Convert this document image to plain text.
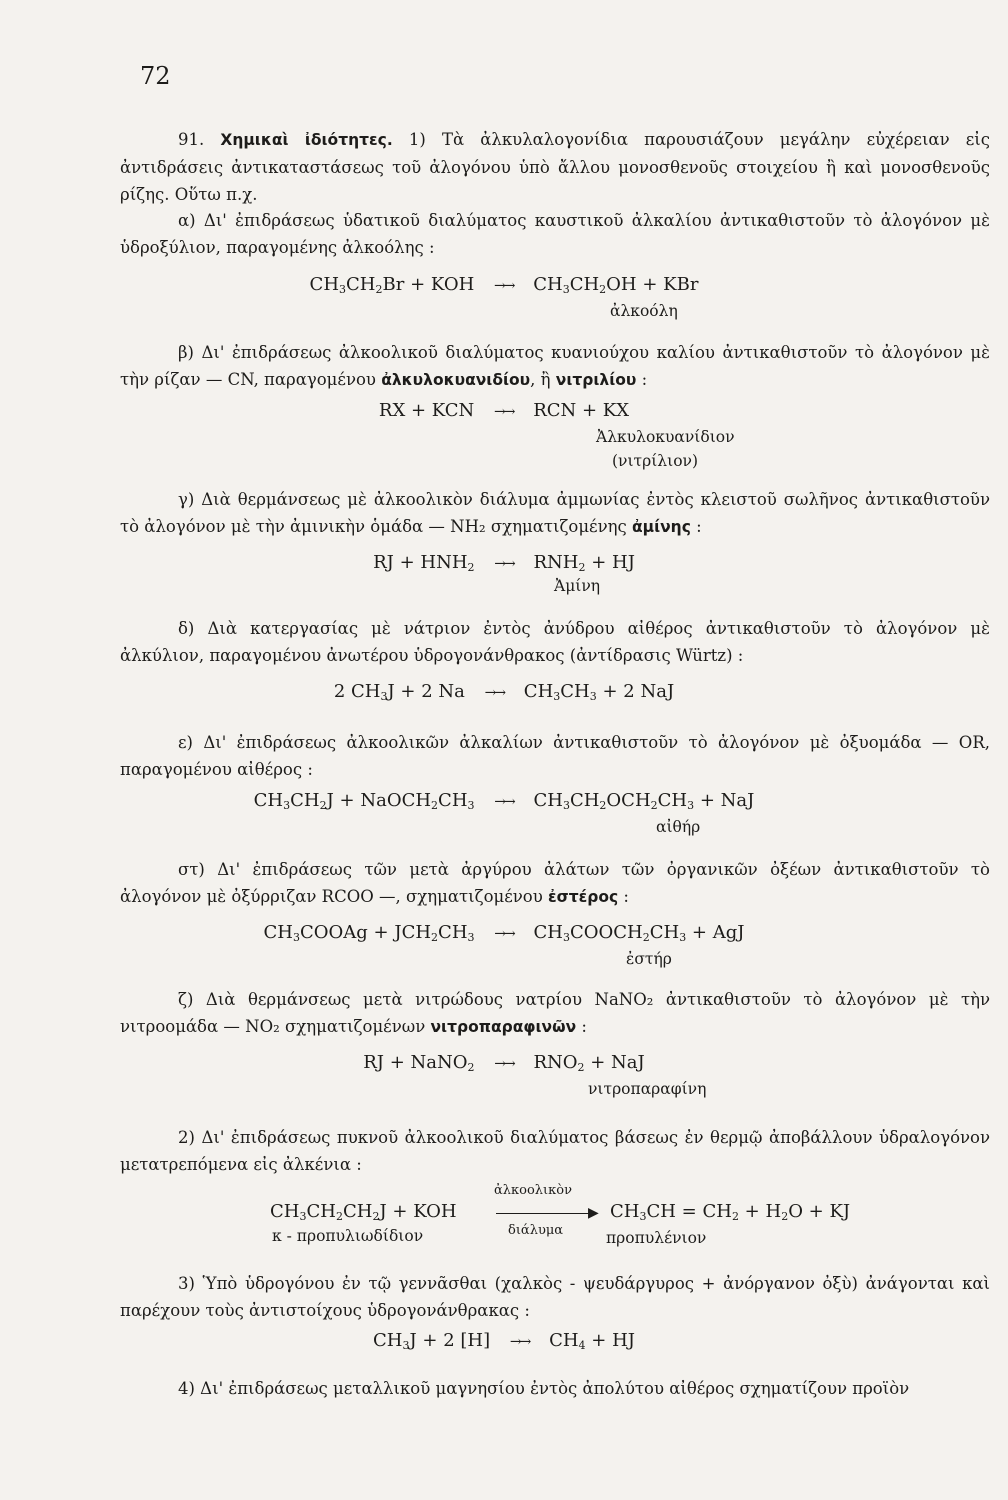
72
91. Χημικαὶ ἰδιότητες. 1) Τὰ ἀλκυλαλογονίδια παρουσιάζουν μεγάλην εὐχέρειαν εἰς ἀντιδράσεις ἀντικαταστάσεως τοῦ ἀλογόνου ὑπὸ ἄλλου μονοσθενοῦς στοιχείου ἢ καὶ μονοσθενοῦς ρίζης. Οὕτω π.χ.
α) Δι' ἐπιδράσεως ὑδατικοῦ διαλύματος καυστικοῦ ἀλκαλίου ἀντικαθιστοῦν τὸ ἀλογόνον μὲ ὑδροξύλιον, παραγομένης ἀλκοόλης :
$CH_3CH_2Br$ + KOH →→ $CH_3CH_2OH$ + KBr
ἀλκοόλη
β) Δι' ἐπιδράσεως ἀλκοολικοῦ διαλύματος κυανιούχου καλίου ἀντικαθιστοῦν τὸ ἀλογόνον μὲ τὴν ρίζαν — CN, παραγομένου ἀλκυλοκυανιδίου, ἢ νιτριλίου :
RX + KCN →→ RCN + KX
Ἀλκυλοκυανίδιον
(νιτρίλιον)
γ) Διὰ θερμάνσεως μὲ ἀλκοολικὸν διάλυμα ἀμμωνίας ἐντὸς κλειστοῦ σωλῆνος ἀντικαθιστοῦν τὸ ἀλογόνον μὲ τὴν ἀμινικὴν ὁμάδα — NH₂ σχηματιζομένης ἀμίνης :
RJ + $HNH_2 \to\to RNH_2$ + HJ
Ἀμίνη
δ) Διὰ κατεργασίας μὲ νάτριον ἐντὸς ἀνύδρου αἰθέρος ἀντικαθιστοῦν τὸ ἀλογόνον μὲ ἀλκύλιον, παραγομένου ἀνωτέρου ὑδρογονάνθρακος (ἀντίδρασις Würtz) :
2 $CH_3J + 2$ $Na \to\to CH_3CH_3 + 2$ NaJ
ε) Δι' ἐπιδράσεως ἀλκοολικῶν ἀλκαλίων ἀντικαθιστοῦν τὸ ἀλογόνον μὲ ὀξυομάδα — OR, παραγομένου αἰθέρος :
$CH_3CH_2J$ + $NaOCH_2CH_3 \to\to CH_3CH_2OCH_2CH_3$ + NaJ
αἰθήρ
στ) Δι' ἐπιδράσεως τῶν μετὰ ἀργύρου ἀλάτων τῶν ὀργανικῶν ὀξέων ἀντικαθιστοῦν τὸ ἀλογόνον μὲ ὀξύρριζαν RCOO —, σχηματιζομένου ἐστέρος :
$CH_3COOAg + JCH_2CH_3$ →→ $CH_3COOCH_2CH_3$ + AgJ
ἐστήρ
ζ) Διὰ θερμάνσεως μετὰ νιτρώδους νατρίου NaNO₂ ἀντικαθιστοῦν τὸ ἀλογόνον μὲ τὴν νιτροομάδα — NO₂ σχηματιζομένων νιτροπαραφινῶν :
RJ + NaNO$_2$ →→ $RNO_2$ + NaJ
νιτροπαραφίνη
2) Δι' ἐπιδράσεως πυκνοῦ ἀλκοολικοῦ διαλύματος βάσεως ἐν θερμῷ ἀποβάλλουν ὑδραλογόνον μετατρεπόμενα εἰς ἀλκένια :
$CH_3CH_2CH_2J$ + KOH
ἀλκοολικὸν
▶
διάλυμα
$CH_3CH = CH_2 + H_2O$ + KJ
κ - προπυλιωδίδιον	προπυλένιον
3) Ὑπὸ ὑδρογόνου ἐν τῷ γεννᾶσθαι (χαλκὸς - ψευδάργυρος + ἀνόργανον ὀξὺ) ἀνάγονται καὶ παρέχουν τοὺς ἀντιστοίχους ὑδρογονάνθρακας :
$CH_3J + 2$ $[H] \to\to CH_4$ + HJ
4) Δι' ἐπιδράσεως μεταλλικοῦ μαγνησίου ἐντὸς ἀπολύτου αἰθέρος σχηματίζουν προϊὸν
